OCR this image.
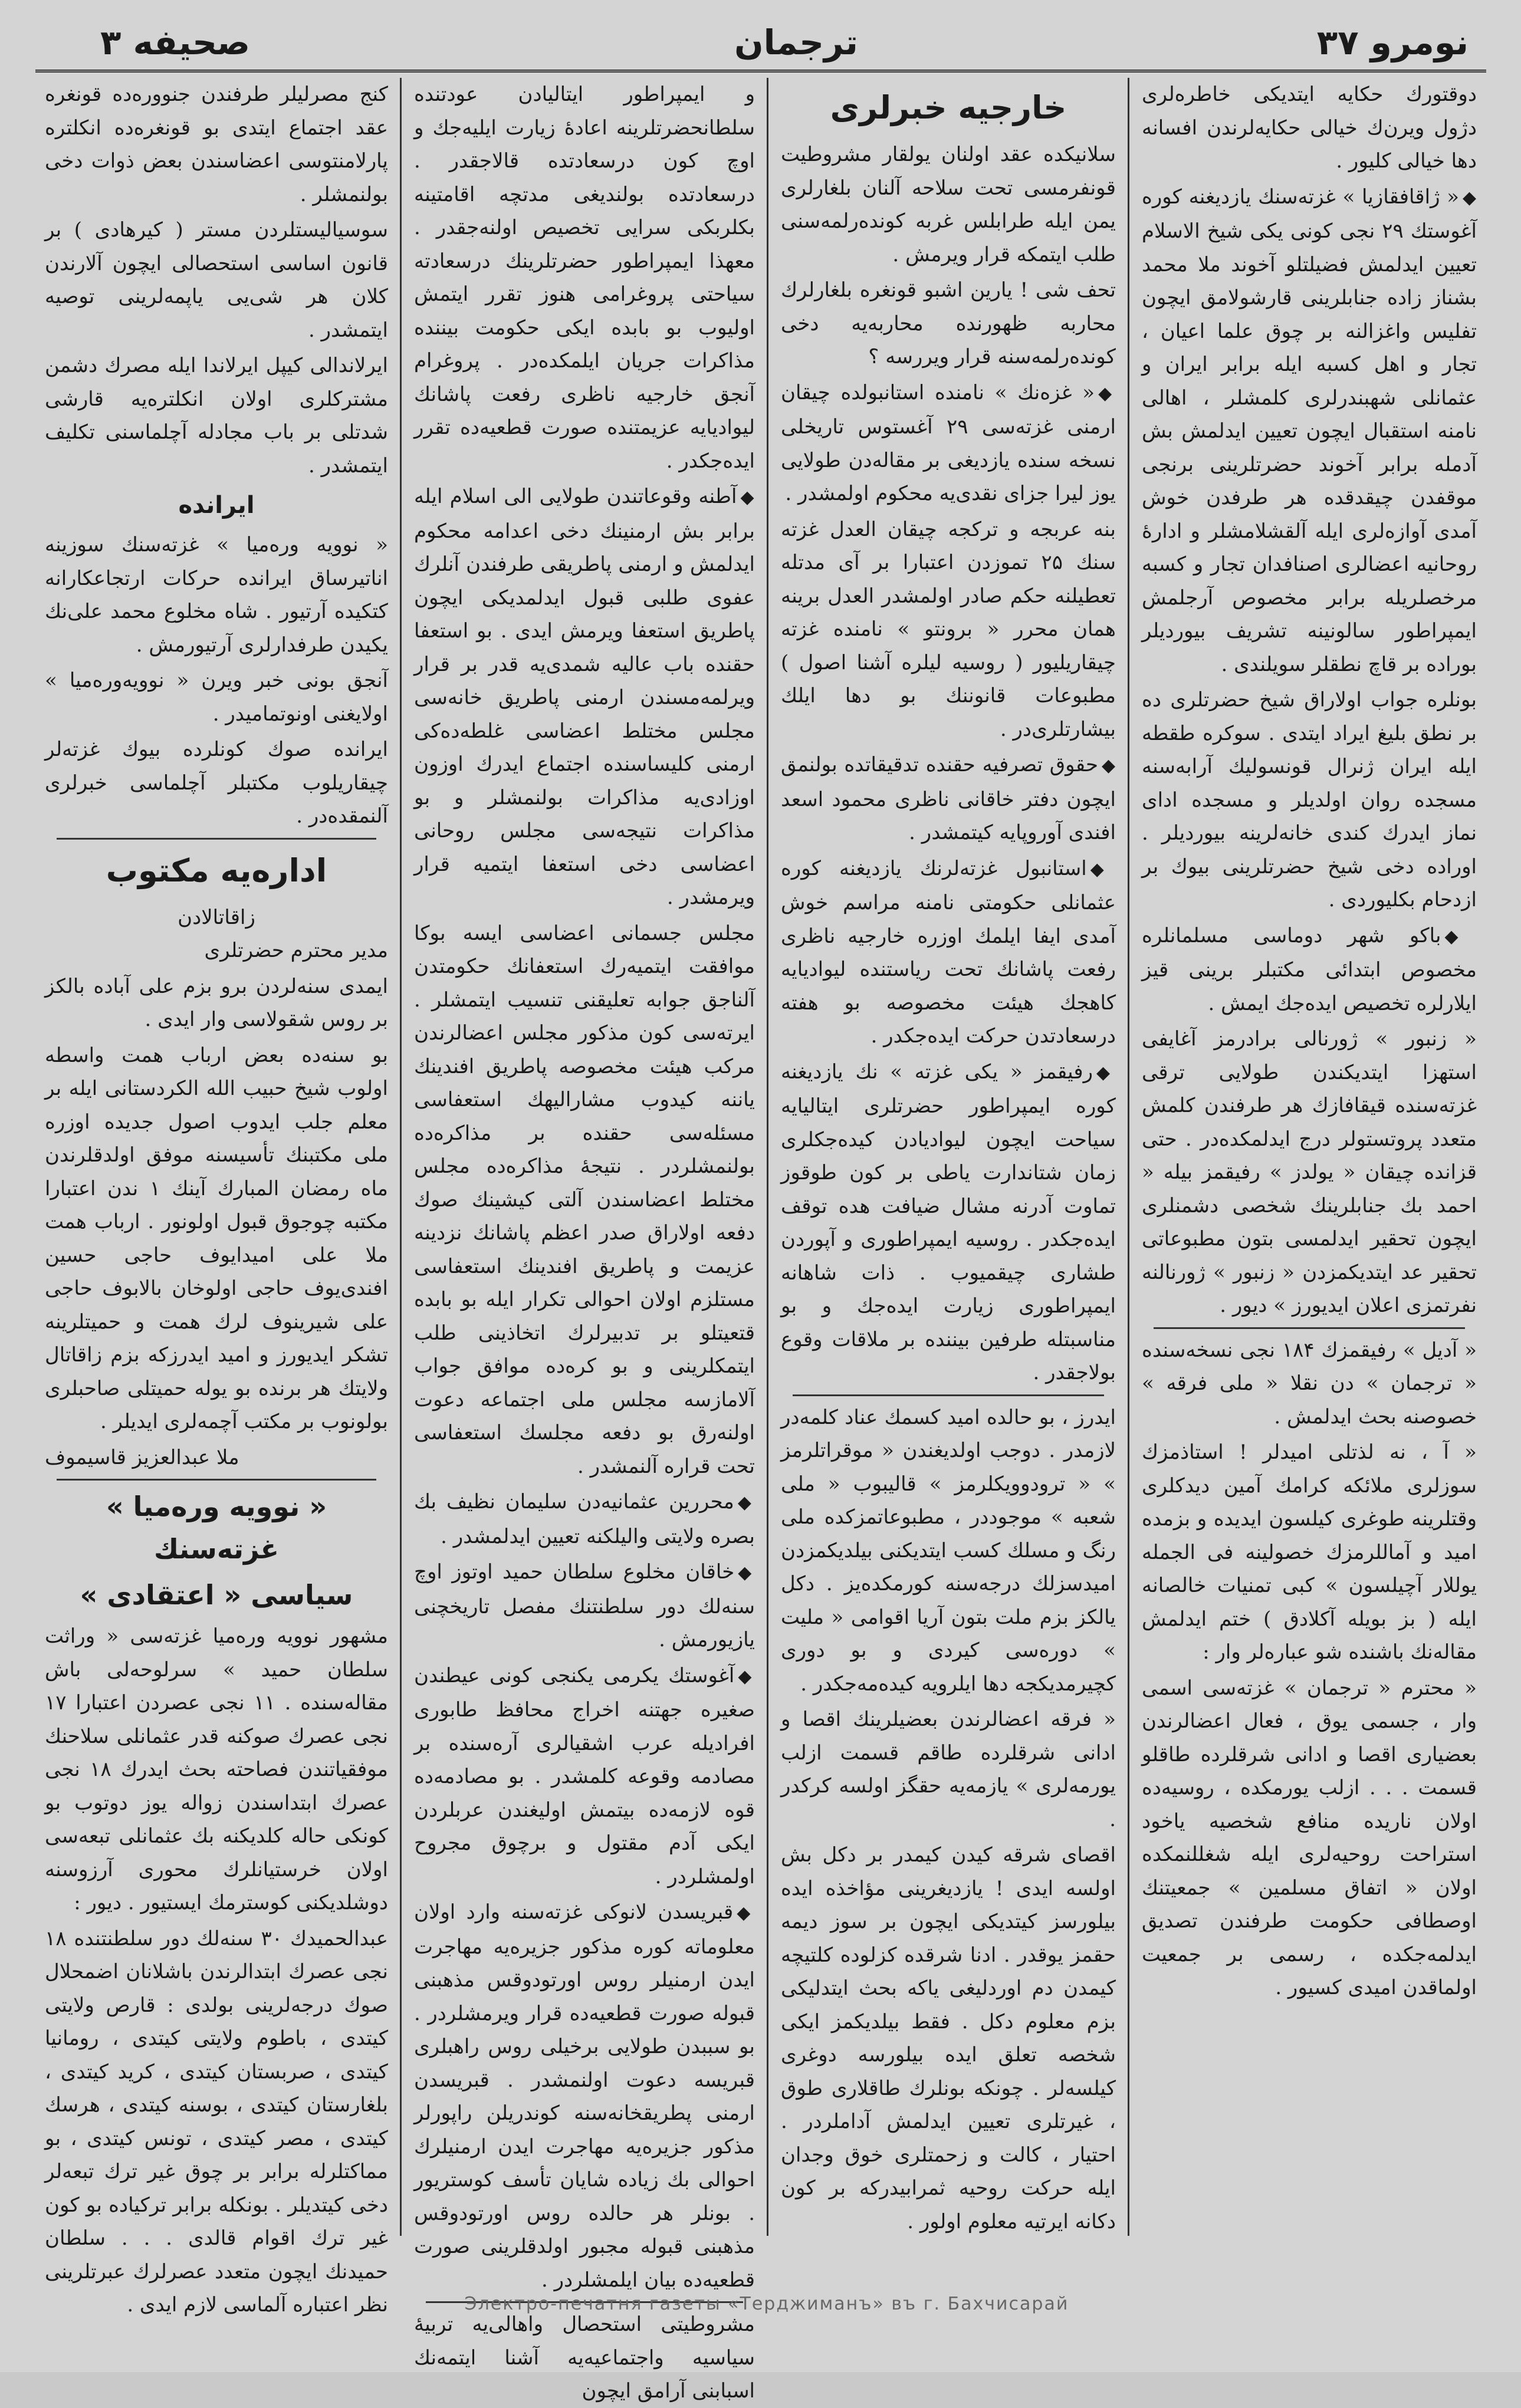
صحیفه ۳	ترجمان	نومرو ۳۷

دوقتورك حكایه ایتدیكی خاطره‌لری دژول ویرن‌ك خیالی حكایه‌لرندن افسانه دها خیالی كلیور .

◆« ژاقافقازیا » غزته‌سنك یازدیغنه كوره آغوستك ۲۹ نجی كونی یكی شیخ الاسلام تعیین ایدلمش فضیلتلو آخوند ملا محمد بشناز زاده جنابلرینی قارشولامق ایچون تفلیس واغزالنه بر چوق علما اعیان ، تجار و اهل كسبه ایله برابر ایران و عثمانلی شهبندرلری كلمشلر ، اهالی نامنه استقبال ایچون تعیین ایدلمش بش آدمله برابر آخوند حضرتلرینی برنجی موقفدن چیقدقده هر طرفدن خوش آمدی آوازه‌لری ایله آلقشلامشلر و ادارهٔ روحانیه اعضالری اصنافدان تجار و كسبه مرخصلریله برابر مخصوص آرجلمش ایمپراطور سالونینه تشریف بیوردیلر بوراده بر قاچ نطقلر سویلندی .

بونلره جواب اولاراق شیخ حضرتلری ده بر نطق بلیغ ایراد ایتدی . سوكره طقطه ایله ایران ژنرال قونسولیك آرابه‌سنه مسجده روان اولدیلر و مسجده ادای نماز ایدرك كندی خانه‌لرینه بیوردیلر . اوراده دخی شیخ حضرتلرینی بیوك بر ازدحام بكلیوردی .

◆باكو شهر دوماسی مسلمانلره مخصوص ابتدائی مكتبلر برینی قیز ایلارلره تخصیص ایده‌جك ایمش .

« زنبور » ژورنالی برادرمز آغایفی استهزا ایتدیكندن طولایی ترقی غزته‌سنده قیقافازك هر طرفندن كلمش متعدد پروتستولر درج ایدلمكده‌در . حتی قزانده چیقان « یولدز » رفیقمز بیله « احمد بك جنابلرینك شخصی دشمنلری ایچون تحقیر ایدلمسی بتون مطبوعاتی تحقیر عد ایتدیكمزدن « زنبور » ژورنالنه نفرتمزی اعلان ایدیورز » دیور .

« آدیل » رفیقمزك ۱۸۴ نجی نسخه‌سنده « ترجمان » دن نقلا « ملی فرقه » خصوصنه بحث ایدلمش .

« آ ، نه لذتلی امیدلر ! استاذمزك سوزلری ملائكه كرامك آمین دیدكلری وقتلرینه طوغری كیلسون ایدیده و بزمده امید و آماللرمزك خصولینه فی الجمله یوللار آچیلسون » كبی تمنیات خالصانه ایله ( بز بویله آكلادق ) ختم ایدلمش مقاله‌نك باشنده شو عباره‌لر وار :

« محترم « ترجمان » غزته‌سی اسمی وار ، جسمی یوق ، فعال اعضالرندن بعضیاری اقصا و ادانی شرقلرده طاقلو قسمت . . . ازلب یورمكده ، روسیه‌ده اولان ناریده منافع شخصیه یاخود استراحت روحیه‌لری ایله شغللنمكده اولان « اتفاق مسلمین » جمعیتنك اوصطافی حكومت طرفندن تصدیق ایدلمه‌جكده ، رسمی بر جمعیت اولماقدن امیدی كسیور .

خارجیه خبرلری

سلانیكده عقد اولنان یولقار مشروطیت قونفرمسی تحت سلاحه آلنان بلغارلری یمن ایله طرابلس غربه كونده‌رلمه‌سنی طلب ایتمكه قرار ویرمش .

تحف شی ! یارین اشبو قونغره بلغارلرك محاربه ظهورنده محاربه‌یه دخی كونده‌رلمه‌سنه قرار ویررسه ؟

◆« غزه‌نك » نامنده استانبولده چیقان ارمنی غزته‌سی ۲۹ آغستوس تاریخلی نسخه سنده یازدیغی بر مقاله‌دن طولایی یوز لیرا جزای نقدی‌یه محكوم اولمشدر .

بنه عربجه و تركجه چیقان العدل غزته سنك ۲۵ تموزدن اعتبارا بر آی مدتله تعطیلنه حكم صادر اولمشدر العدل برینه همان محرر « برونتو » نامنده غزته چیقاریلیور ( روسیه لیلره آشنا اصول ) مطبوعات قانوننك بو دها ایلك بیشارتلری‌در .

◆حقوق تصرفیه حقنده تدقیقاتده بولنمق ایچون دفتر خاقانی ناظری محمود اسعد افندی آوروپایه كیتمشدر .

◆استانبول غزته‌لرنك یازدیغنه كوره عثمانلی حكومتی نامنه مراسم خوش آمدی ایفا ایلمك اوزره خارجیه ناظری رفعت پاشانك تحت ریاستنده لیوادیایه كاهجك هیئت مخصوصه بو هفته درسعادتدن حركت ایده‌جكدر .

◆رفیقمز « یكی غزته » نك یازدیغنه كوره ایمپراطور حضرتلری ایتالیایه سیاحت ایچون لیوادیادن كیده‌جكلری زمان شتاندارت یاطی بر كون طوقوز تماوت آدرنه مشال ضیافت هده توقف ایده‌جكدر . روسیه ایمپراطوری و آپوردن طشاری چیقمیوب . ذات شاهانه ایمپراطوری زیارت ایده‌جك و بو مناسبتله طرفین بیننده بر ملاقات وقوع بولاجقدر .

ایدرز ، بو حالده امید كسمك عناد كلمه‌در لازمدر . دوجب اولدیغندن « موقراتلرمز » « ترودوویكلرمز » قالیبوب « ملی شعبه » موجوددر ، مطبوعاتمزكده ملی رنگ و مسلك كسب ایتدیكنی بیلدیكمزدن امیدسزلك درجه‌سنه كورمكده‌یز . دكل یالكز بزم ملت بتون آریا اقوامی « ملیت » دوره‌سی كیردی و بو دوری كچیرمدیكجه دها ایلرویه كیده‌مه‌جكدر .

« فرقه اعضالرندن بعضیلرینك اقصا و ادانی شرقلرده طاقم قسمت ازلب یورمه‌لری » یازمه‌یه حقگز اولسه كركدر .

اقصای شرقه كیدن كیمدر بر دكل بش اولسه ایدی ! یازدیغرینی مؤاخذه ایده بیلورسز كیتدیكی ایچون بر سوز دیمه حقمز یوقدر . ادنا شرقده كزلوده كلتیچه كیمدن دم اوردلیغی یاكه بحث ایتدلیكی بزم معلوم دكل . فقط بیلدیكمز ایكی شخصه تعلق ایده بیلورسه دوغری كیلسه‌لر . چونكه بونلرك طاقلاری طوق ، غیرتلری تعیین ایدلمش آداملردر . احتیار ، كالت و زحمتلری خوق وجدان ایله حركت روحیه ثمرابیدركه بر كون دكانه ایرتیه معلوم اولور .

و ایمپراطور ایتالیادن عودتنده سلطانحضرتلرینه اعادهٔ زیارت ایلیه‌جك و اوچ كون درسعادتده قالاجقدر . درسعادتده بولندیغی مدتچه اقامتینه بكلربكی سرایی تخصیص اولنه‌جقدر . معهذا ایمپراطور حضرتلرینك درسعادته سیاحتی پروغرامی هنوز تقرر ایتمش اولیوب بو بابده ایكی حكومت بیننده مذاكرات جریان ایلمكده‌در . پروغرام آنجق خارجیه ناظری رفعت پاشانك لیوادیایه عزیمتنده صورت قطعیه‌ده تقرر ایده‌جكدر .

◆آطنه وقوعاتندن طولایی الی اسلام ایله برابر بش ارمنینك دخی اعدامه محكوم ایدلمش و ارمنی پاطریقی طرفندن آنلرك عفوی طلبی قبول ایدلمدیكی ایچون پاطریق استعفا ویرمش ایدی . بو استعفا حقنده باب عالیه شمدی‌یه قدر بر قرار ویرلمه‌مسندن ارمنی پاطریق خانه‌سی مجلس مختلط اعضاسی غلطه‌ده‌كی ارمنی كلیساسنده اجتماع ایدرك اوزون اوزادی‌یه مذاكرات بولنمشلر و بو مذاكرات نتیجه‌سی مجلس روحانی اعضاسی دخی استعفا ایتمیه قرار ویرمشدر .

مجلس جسمانی اعضاسی ایسه بوكا موافقت ایتمیه‌رك استعفانك حكومتدن آلناجق جوابه تعلیقنی تنسیب ایتمشلر . ایرته‌سی كون مذكور مجلس اعضالرندن مركب هیئت مخصوصه پاطریق افندینك یاننه كیدوب مشارالیهك استعفاسی مسئله‌سی حقنده بر مذاكره‌ده بولنمشلردر . نتیجهٔ مذاكره‌ده مجلس مختلط اعضاسندن آلتی كیشینك صوك دفعه اولاراق صدر اعظم پاشانك نزدینه عزیمت و پاطریق افندینك استعفاسی مستلزم اولان احوالی تكرار ایله بو بابده قتعیتلو بر تدبیرلرك اتخاذینی طلب ایتمكلرینی و بو كره‌ده موافق جواب آلامازسه مجلس ملی اجتماعه دعوت اولنه‌رق بو دفعه مجلسك استعفاسی تحت قراره آلنمشدر .

◆محررین عثمانیه‌دن سلیمان نظیف بك بصره ولایتی والیلكنه تعیین ایدلمشدر .

◆خاقان مخلوع سلطان حمید اوتوز اوچ سنه‌لك دور سلطنتنك مفصل تاریخچنی یازیورمش .

◆آغوستك یكرمی یكنجی كونی عیطندن صغیره جهتنه اخراج محافظ طابوری افرادیله عرب اشقیالری آره‌سنده بر مصادمه وقوعه كلمشدر . بو مصادمه‌ده قوه لازمه‌ده بیتمش اولیغندن عربلردن ایكی آدم مقتول و برچوق مجروح اولمشلردر .

◆قبریسدن لانوكی غزته‌سنه وارد اولان معلوماته كوره مذكور جزیره‌یه مهاجرت ایدن ارمنیلر روس اورتودوقس مذهبنی قبوله صورت قطعیه‌ده قرار ویرمشلردر . بو سببدن طولایی برخیلی روس راهبلری قبریسه دعوت اولنمشدر . قبریسدن ارمنی پطریقخانه‌سنه كوندریلن راپورلر مذكور جزیره‌یه مهاجرت ایدن ارمنیلرك احوالی بك زیاده شایان تأسف كوستریور . بونلر هر حالده روس اورتودوقس مذهبنی قبوله مجبور اولدقلرینی صورت قطعیه‌ده بیان ایلمشلردر .

مشروطیتی استحصال واهالی‌یه تربیهٔ سیاسیه واجتماعیه‌یه آشنا ایتمه‌نك اسبابنی آرامق ایچون

كنج مصرلیلر طرفندن جنووره‌ده قونغره عقد اجتماع ایتدی بو قونغره‌ده انكلتره پارلامنتوسی اعضاسندن بعض ذوات دخی بولنمشلر .

سوسیالیستلردن مستر ( كیرهادی ) بر قانون اساسی استحصالی ایچون آلارندن كلان هر شی‌یی یاپمه‌لرینی توصیه ایتمشدر .

ایرلاندالی كیپل ایرلاندا ایله مصرك دشمن مشتركلری اولان انكلتره‌یه قارشی شدتلی بر باب مجادله آچلماسنی تكلیف ایتمشدر .

ایرانده

« نوویه وره‌میا » غزته‌سنك سوزینه اناتیرساق ایرانده حركات ارتجاعكارانه كتكیده آرتیور . شاه مخلوع محمد علی‌نك یكیدن طرفدارلری آرتیورمش .

آنجق بونی خبر ویرن « نوویه‌وره‌میا » اولایغنی اونوتمامیدر .

ایرانده صوك كونلرده بیوك غزته‌لر چیقاریلوب مكتبلر آچلماسی خبرلری آلنمقده‌در .

اداره‌یه مكتوب
زاقاتالادن

مدیر محترم حضرتلری

ایمدی سنه‌لردن برو بزم علی آباده بالكز بر روس شقولاسی وار ایدی .

بو سنه‌ده بعض ارباب همت واسطه اولوب شیخ حبیب الله الكردستانی ایله بر معلم جلب ایدوب اصول جدیده اوزره ملی مكتبنك تأسیسنه موفق اولدقلرندن ماه رمضان المبارك آینك ۱ ندن اعتبارا مكتبه چوجوق قبول اولونور . ارباب همت ملا علی امیدایوف حاجی حسین افندی‌یوف حاجی اولوخان بالابوف حاجی علی شیرینوف لرك همت و حمیتلرینه تشكر ایدیورز و امید ایدرزكه بزم زاقاتال ولایتك هر برنده بو یوله حمیتلی صاحبلری بولونوب بر مكتب آچمه‌لری ایدیلر .

ملا عبدالعزیز قاسیموف

« نوویه وره‌میا » غزته‌سنك
سیاسی « اعتقادی »

مشهور نوویه وره‌میا غزته‌سی « وراثت سلطان حمید » سرلوحه‌لی باش مقاله‌سنده . ۱۱ نجی عصردن اعتبارا ۱۷ نجی عصرك صوكنه قدر عثمانلی سلاحنك موفقیاتندن فصاحته بحث ایدرك ۱۸ نجی عصرك ابتداسندن زواله یوز دوتوب بو كونكی حاله كلدیكنه بك عثمانلی تبعه‌سی اولان خرستیانلرك محوری آرزوسنه دوشلدیكنی كوسترمك ایستیور . دیور :

عبدالحمیدك ۳۰ سنه‌لك دور سلطنتنده ۱۸ نجی عصرك ابتدالرندن باشلانان اضمحلال صوك درجه‌لرینی بولدی : قارص ولایتی كیتدی ، باطوم ولایتی كیتدی ، رومانیا كیتدی ، صربستان كیتدی ، كرید كیتدی ، بلغارستان كیتدی ، بوسنه كیتدی ، هرسك كیتدی ، مصر كیتدی ، تونس كیتدی ، بو مماكتلرله برابر بر چوق غیر ترك تبعه‌لر دخی كیتدیلر . بونكله برابر تركیاده بو كون غیر ترك اقوام قالدی . . . سلطان حمیدنك ایچون متعدد عصرلرك عبرتلرینی نظر اعتباره آلماسی لازم ایدی .	Электро-печатня газеты «Терджиманъ» въ г. Бахчисарай
